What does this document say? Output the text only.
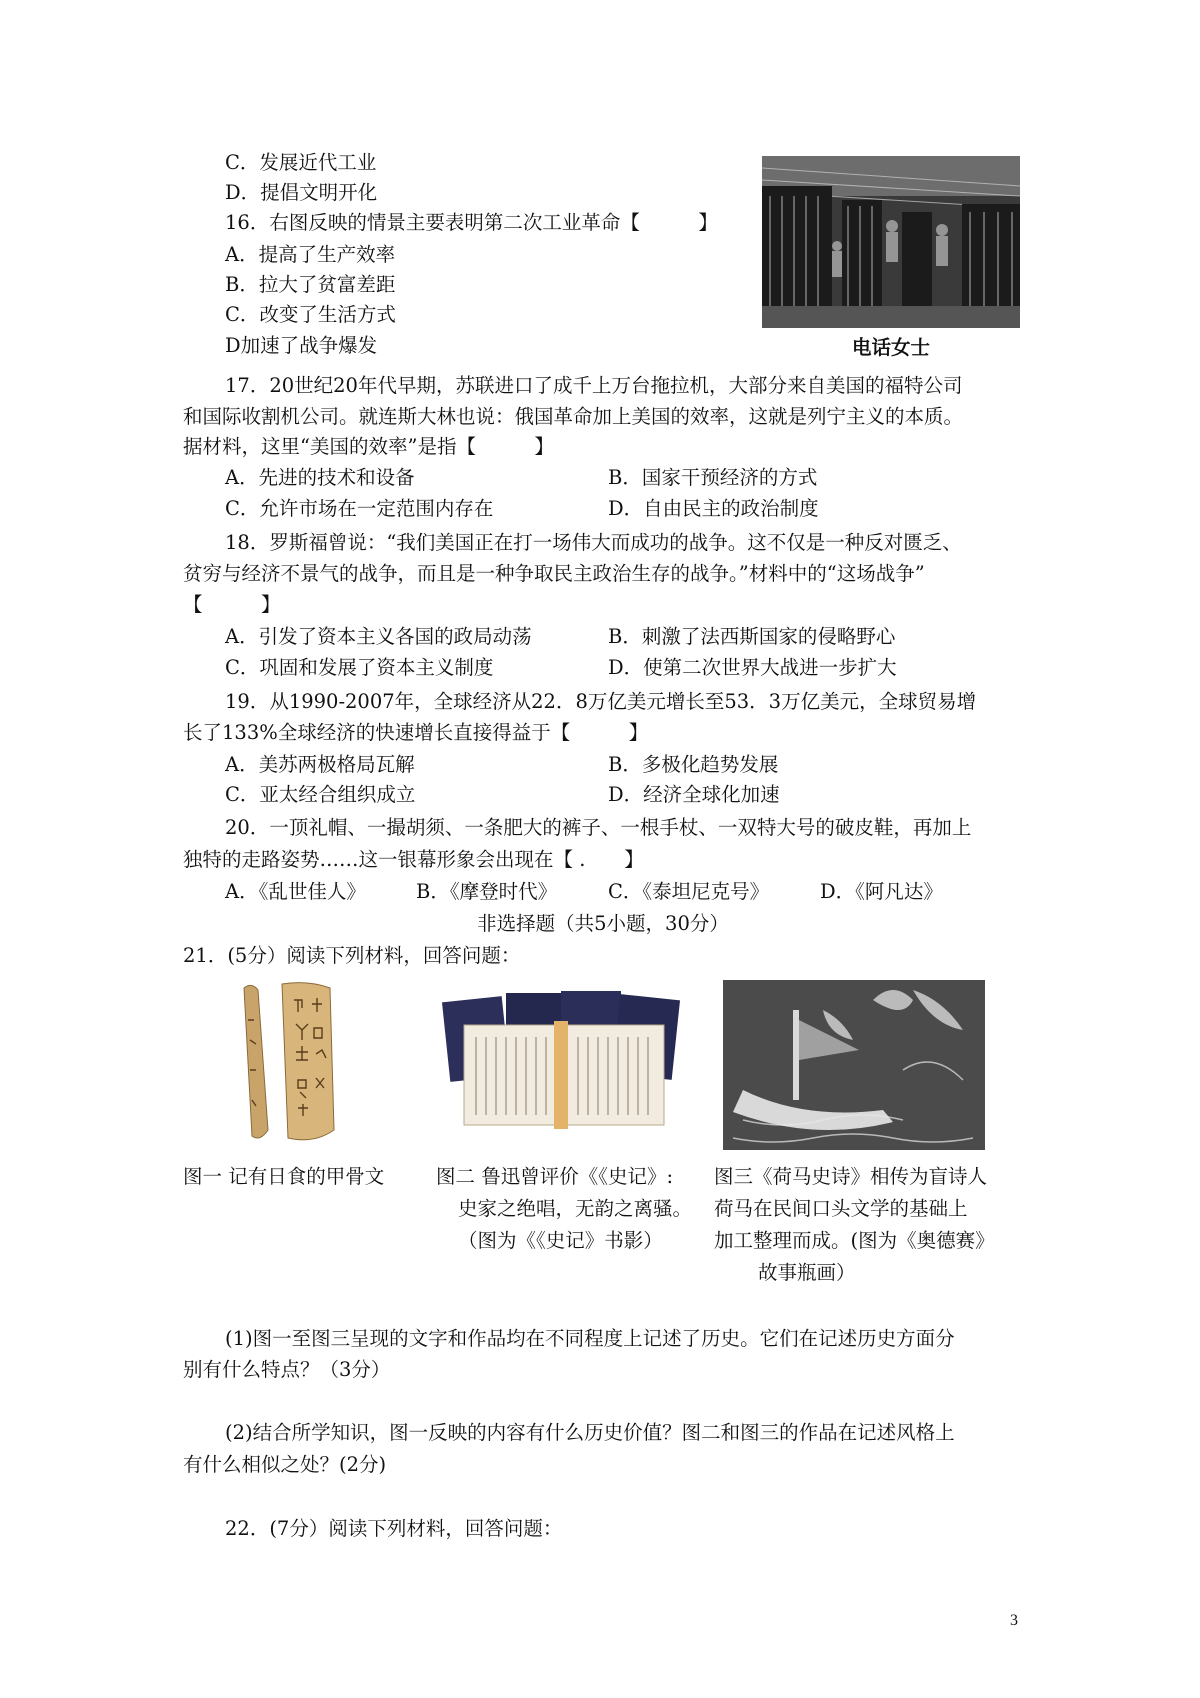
C．发展近代工业
D．提倡文明开化
16．右图反映的情景主要表明第二次工业革命【　　　】
A．提高了生产效率
B．拉大了贫富差距
C．改变了生活方式
D加速了战争爆发	电话女士
17．20世纪20年代早期，苏联进口了成千上万台拖拉机，大部分来自美国的福特公司
和国际收割机公司。就连斯大林也说：俄国革命加上美国的效率，这就是列宁主义的本质。
据材料，这里“美国的效率”是指【　　　】
A．先进的技术和设备	B．国家干预经济的方式
C．允许市场在一定范围内存在	D．自由民主的政治制度
18．罗斯福曾说：“我们美国正在打一场伟大而成功的战争。这不仅是一种反对匮乏、
贫穷与经济不景气的战争，而且是一种争取民主政治生存的战争。”材料中的“这场战争”
【　　　】
A．引发了资本主义各国的政局动荡	B．刺激了法西斯国家的侵略野心
C．巩固和发展了资本主义制度	D．使第二次世界大战进一步扩大
19．从1990-2007年，全球经济从22．8万亿美元增长至53．3万亿美元，全球贸易增
长了133%全球经济的快速增长直接得益于【　　　】
A．美苏两极格局瓦解	B．多极化趋势发展
C．亚太经合组织成立	D．经济全球化加速
20．一顶礼帽、一撮胡须、一条肥大的裤子、一根手杖、一双特大号的破皮鞋，再加上
独特的走路姿势……这一银幕形象会出现在【 .　　】
A．《乱世佳人》	B．《摩登时代》	C．《泰坦尼克号》	D．《阿凡达》
非选择题（共5小题，30分）
21．(5分）阅读下列材料，回答问题：
图一 记有日食的甲骨文	图二 鲁迅曾评价《《史记》:
史家之绝唱，无韵之离骚。
（图为《《史记》书影）
图三《荷马史诗》相传为盲诗人
荷马在民间口头文学的基础上
加工整理而成。(图为《奥德赛》
故事瓶画）
(1)图一至图三呈现的文字和作品均在不同程度上记述了历史。它们在记述历史方面分
别有什么特点？（3分）
(2)结合所学知识，图一反映的内容有什么历史价值？图二和图三的作品在记述风格上
有什么相似之处？(2分)
22．(7分）阅读下列材料，回答问题：
3
